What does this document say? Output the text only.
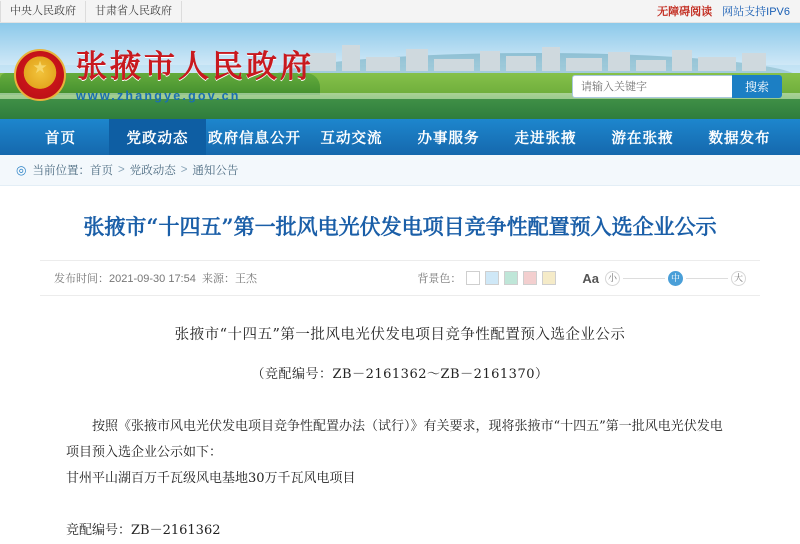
中央人民政府	甘肃省人民政府	无障碍阅读 网站支持IPV6
★
张掖市人民政府
www.zhangye.gov.cn
请输入关键字
搜索
首页	党政动态	政府信息公开	互动交流	办事服务	走进张掖	游在张掖	数据发布
◎ 当前位置： 首页 > 党政动态 > 通知公告
张掖市“十四五”第一批风电光伏发电项目竞争性配置预入选企业公示
发布时间：2021-09-30 17:54 来源：王杰	背景色：	Aa 小	中	大
张掖市“十四五”第一批风电光伏发电项目竞争性配置预入选企业公示
（竞配编号：ZB－2161362～ZB－2161370）

按照《张掖市风电光伏发电项目竞争性配置办法（试行）》有关要求，现将张掖市“十四五”第一批风电光伏发电项目预入选企业公示如下：

甘州平山湖百万千瓦级风电基地30万千瓦风电项目

竞配编号：ZB－2161362
